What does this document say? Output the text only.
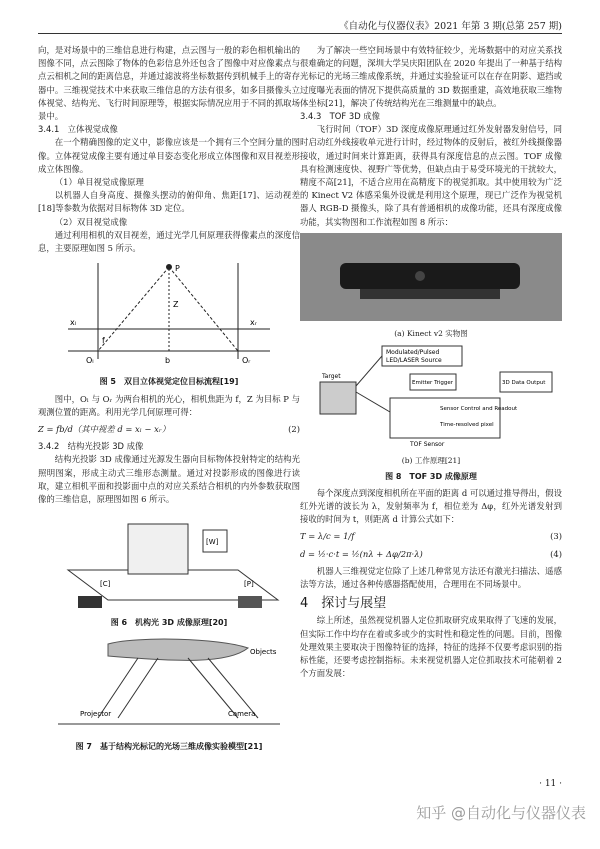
《自动化与仪器仪表》2021 年第 3 期(总第 257 期)

向，是对场景中的三维信息进行构建，点云图与一般的彩色相机输出的图像不同，点云图除了物体的色彩信息外还包含了图像中对应像素点与点云相机之间的距离信息，并通过滤波将坐标数据传到机械手上的寄存器中。三维视觉技术中来获取三维信息的方法有很多，如多目摄像头立体视觉、结构光、飞行时间原理等，根据实际情况应用于不同的抓取场景中。

3.4.1　立体视觉成像

在一个精确图像的定义中，影像应该是一个拥有三个空间分量的图像。立体视觉成像主要有通过单目姿态变化形成立体图像和双目视差形成立体图像。

（1）单目视觉成像原理

以机器人自身高度、摄像头摆动的俯仰角、焦距[17]、运动视差[18]等参数为依据对目标物体 3D 定位。

（2）双目视觉成像

通过利用相机的双目视差，通过光学几何原理获得像素点的深度信息，主要原理如图 5 所示。

P
Z
b
f
Oₗ	Oᵣ
xₗ	xᵣ
图 5　双目立体视觉定位目标流程[19]

图中，Oₗ 与 Oᵣ 为两台相机的光心，相机焦距为 f，Z 为目标 P 与观测位置的距离。利用光学几何原理可得：

Z = fb/d（其中视差 d = xₗ − xᵣ）	(2)

3.4.2　结构光投影 3D 成像

结构光投影 3D 成像通过光源发生器向目标物体投射特定的结构光照明图案，形成主动式三维形态测量。通过对投影形成的图像进行读取，建立相机平面和投影面中点的对应关系结合相机的内外参数获取图像的三维信息，原理图如图 6 所示。

[W]
[C]	[P]
图 6　机构光 3D 成像原理[20]
Objects
Projector	Camera
图 7　基于结构光标记的光场三维成像实验模型[21]

为了解决一些空间场景中有效特征较少，光场数据中的对应关系找很难确定的问题，深圳大学吴庆阳团队在 2020 年提出了一种基于结构光标记的光场三维成像系统，并通过实验验证可以在存在阴影、遮挡或过度曝光表面的情况下提供高质量的 3D 数据重建，高效地获取三维物体坐标[21]，解决了传统结构光在三维测量中的缺点。

3.4.3　TOF 3D 成像

飞行时间（TOF）3D 深度成像原理通过红外发射器发射信号，同时启动红外线接收单元进行计时，经过物体的反射后，被红外线摄像器接收，通过时间来计算距离，获得具有深度信息的点云图。TOF 成像具有检测速度快、视野广等优势，但缺点由于易受环境光的干扰较大，精度不高[21]，不适合应用在高精度下的视觉抓取。其中使用较为广泛的 Kinect V2 体感采集外设就是利用这个原理，现已广泛作为视觉机器人 RGB-D 摄像头，除了具有普通相机的成像功能，还具有深度成像功能，其实物图和工作流程如图 8 所示：

(a) Kinect v2 实物图
Modulated/Pulsed
LED/LASER Source
Target
Emitter Trigger	3D Data Output
Sensor Control and Readout
Time-resolved pixel
TOF Sensor
(b) 工作原理[21]
图 8　TOF 3D 成像原理

每个深度点到深度相机所在平面的距离 d 可以通过推导得出，假设红外光谱的波长为 λ，发射频率为 f，相位差为 Δφ，红外光谱发射到接收的时间为 t，则距离 d 计算公式如下：

T = λ/c = 1/f	(3)
d = ½·c·t = ½(nλ + Δφ/2π·λ)	(4)

机器人三维视觉定位除了上述几种常见方法还有激光扫描法、遥感法等方法，通过各种传感器搭配使用，合理用在不同场景中。

4　探讨与展望

综上所述，虽然视觉机器人定位抓取研究成果取得了飞速的发展，但实际工作中均存在着或多或少的实时性和稳定性的问题。目前，图像处理效果主要取决于图像特征的选择，特征的选择不仅要考虑识别的指标性能，还要考虑控制指标。未来视觉机器人定位抓取技术可能朝着 2 个方面发展：

· 11 ·
知乎 @自动化与仪器仪表
